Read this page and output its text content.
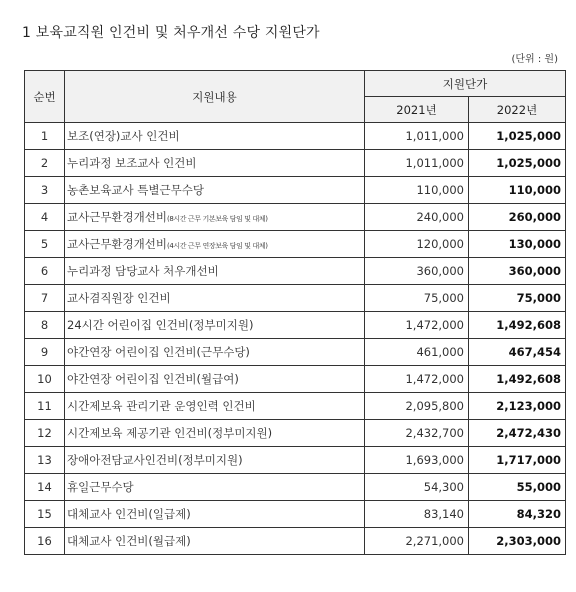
1 보육교직원 인건비 및 처우개선 수당 지원단가
(단위 : 원)
순번	지원내용	지원단가	
		2021년	2022년
1	보조(연장)교사 인건비	1,011,000	1,025,000
2	누리과정 보조교사 인건비	1,011,000	1,025,000
3	농촌보육교사 특별근무수당	110,000	110,000
4	교사근무환경개선비(8시간 근무 기본보육 담임 및 대체)	240,000	260,000
5	교사근무환경개선비(4시간 근무 연장보육 담임 및 대체)	120,000	130,000
6	누리과정 담당교사 처우개선비	360,000	360,000
7	교사겸직원장 인건비	75,000	75,000
8	24시간 어린이집 인건비(정부미지원)	1,472,000	1,492,608
9	야간연장 어린이집 인건비(근무수당)	461,000	467,454
10	야간연장 어린이집 인건비(월급여)	1,472,000	1,492,608
11	시간제보육 관리기관 운영인력 인건비	2,095,800	2,123,000
12	시간제보육 제공기관 인건비(정부미지원)	2,432,700	2,472,430
13	장애아전담교사인건비(정부미지원)	1,693,000	1,717,000
14	휴일근무수당	54,300	55,000
15	대체교사 인건비(일급제)	83,140	84,320
16	대체교사 인건비(월급제)	2,271,000	2,303,000
